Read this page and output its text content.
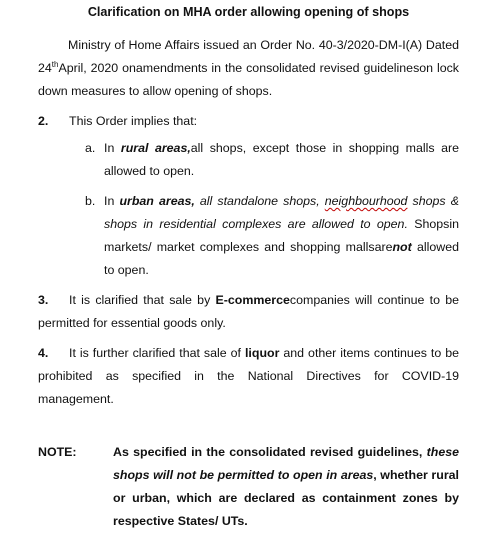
Clarification on MHA order allowing opening of shops

Ministry of Home Affairs issued an Order No. 40-3/2020-DM-I(A) Dated 24thApril, 2020 onamendments in the consolidated revised guidelineson lock down measures to allow opening of shops.

2. This Order implies that:

a. In rural areas,all shops, except those in shopping malls are allowed to open.
b. In urban areas, all standalone shops, neighbourhood shops & shops in residential complexes are allowed to open. Shopsin markets/ market complexes and shopping mallsarenot allowed to open.

3. It is clarified that sale by E-commercecompanies will continue to be permitted for essential goods only.

4. It is further clarified that sale of liquor and other items continues to be prohibited as specified in the National Directives for COVID-19 management.

NOTE:	As specified in the consolidated revised guidelines, these shops will not be permitted to open in areas, whether rural or urban, which are declared as containment zones by respective States/ UTs.
